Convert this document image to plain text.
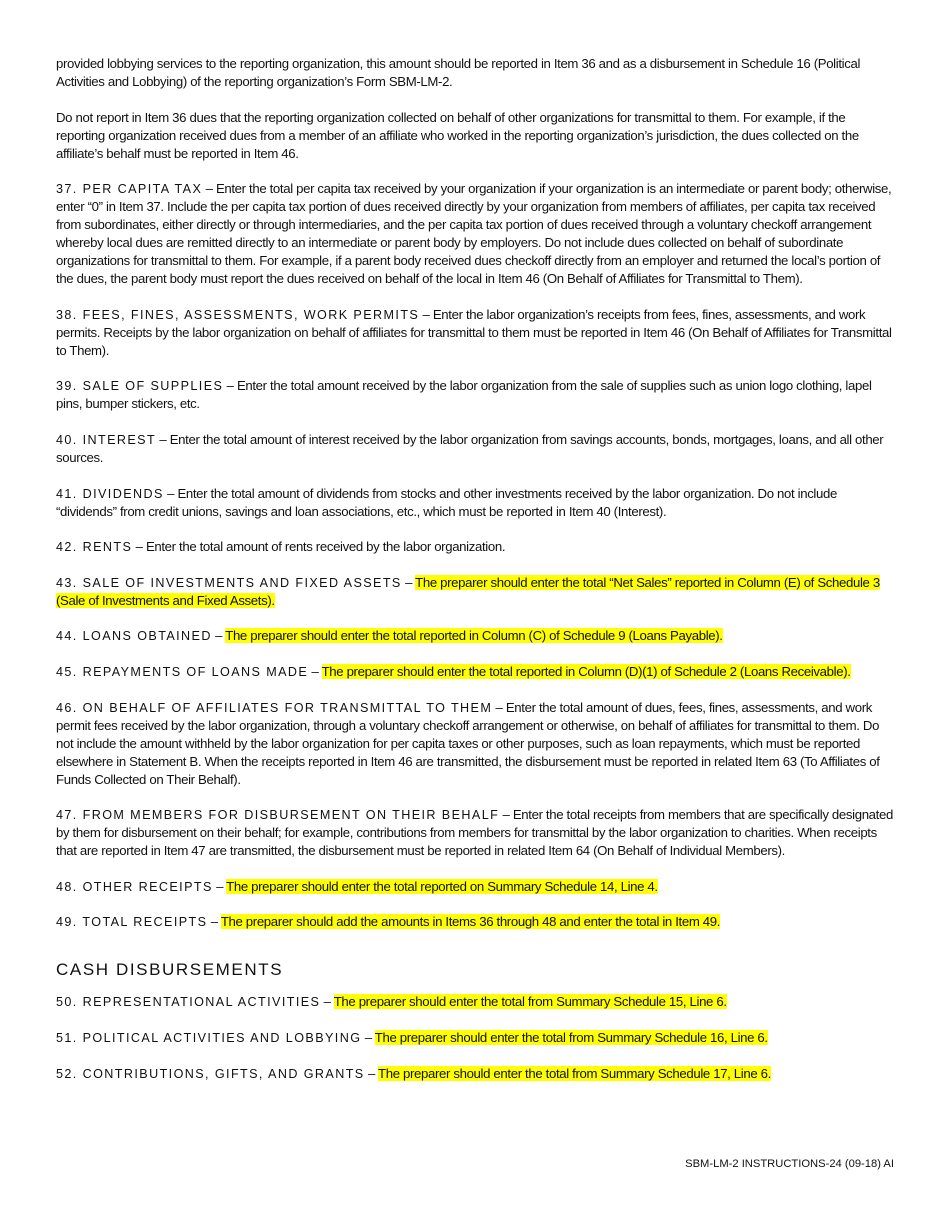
provided lobbying services to the reporting organization, this amount should be reported in Item 36 and as a disbursement in Schedule 16 (Political Activities and Lobbying) of the reporting organization’s Form SBM-LM-2.

Do not report in Item 36 dues that the reporting organization collected on behalf of other organizations for transmittal to them. For example, if the reporting organization received dues from a member of an affiliate who worked in the reporting organization’s jurisdiction, the dues collected on the affiliate’s behalf must be reported in Item 46.

37. PER CAPITA TAX – Enter the total per capita tax received by your organization if your organization is an intermediate or parent body; otherwise, enter “0” in Item 37. Include the per capita tax portion of dues received directly by your organization from members of affiliates, per capita tax received from subordinates, either directly or through intermediaries, and the per capita tax portion of dues received through a voluntary checkoff arrangement whereby local dues are remitted directly to an intermediate or parent body by employers. Do not include dues collected on behalf of subordinate organizations for transmittal to them. For example, if a parent body received dues checkoff directly from an employer and returned the local’s portion of the dues, the parent body must report the dues received on behalf of the local in Item 46 (On Behalf of Affiliates for Transmittal to Them).

38. FEES, FINES, ASSESSMENTS, WORK PERMITS – Enter the labor organization’s receipts from fees, fines, assessments, and work permits. Receipts by the labor organization on behalf of affiliates for transmittal to them must be reported in Item 46 (On Behalf of Affiliates for Transmittal to Them).

39. SALE OF SUPPLIES – Enter the total amount received by the labor organization from the sale of supplies such as union logo clothing, lapel pins, bumper stickers, etc.

40. INTEREST – Enter the total amount of interest received by the labor organization from savings accounts, bonds, mortgages, loans, and all other sources.

41. DIVIDENDS – Enter the total amount of dividends from stocks and other investments received by the labor organization. Do not include “dividends” from credit unions, savings and loan associations, etc., which must be reported in Item 40 (Interest).

42. RENTS – Enter the total amount of rents received by the labor organization.

43. SALE OF INVESTMENTS AND FIXED ASSETS – The preparer should enter the total “Net Sales” reported in Column (E) of Schedule 3 (Sale of Investments and Fixed Assets).

44. LOANS OBTAINED – The preparer should enter the total reported in Column (C) of Schedule 9 (Loans Payable).

45. REPAYMENTS OF LOANS MADE – The preparer should enter the total reported in Column (D)(1) of Schedule 2 (Loans Receivable).

46. ON BEHALF OF AFFILIATES FOR TRANSMITTAL TO THEM – Enter the total amount of dues, fees, fines, assessments, and work permit fees received by the labor organization, through a voluntary checkoff arrangement or otherwise, on behalf of affiliates for transmittal to them. Do not include the amount withheld by the labor organization for per capita taxes or other purposes, such as loan repayments, which must be reported elsewhere in Statement B. When the receipts reported in Item 46 are transmitted, the disbursement must be reported in related Item 63 (To Affiliates of Funds Collected on Their Behalf).

47. FROM MEMBERS FOR DISBURSEMENT ON THEIR BEHALF – Enter the total receipts from members that are specifically designated by them for disbursement on their behalf; for example, contributions from members for transmittal by the labor organization to charities. When receipts that are reported in Item 47 are transmitted, the disbursement must be reported in related Item 64 (On Behalf of Individual Members).

48. OTHER RECEIPTS – The preparer should enter the total reported on Summary Schedule 14, Line 4.

49. TOTAL RECEIPTS – The preparer should add the amounts in Items 36 through 48 and enter the total in Item 49.

CASH DISBURSEMENTS

50. REPRESENTATIONAL ACTIVITIES – The preparer should enter the total from Summary Schedule 15, Line 6.

51. POLITICAL ACTIVITIES AND LOBBYING – The preparer should enter the total from Summary Schedule 16, Line 6.

52. CONTRIBUTIONS, GIFTS, AND GRANTS – The preparer should enter the total from Summary Schedule 17, Line 6.

SBM-LM-2 INSTRUCTIONS-24 (09-18) AI
